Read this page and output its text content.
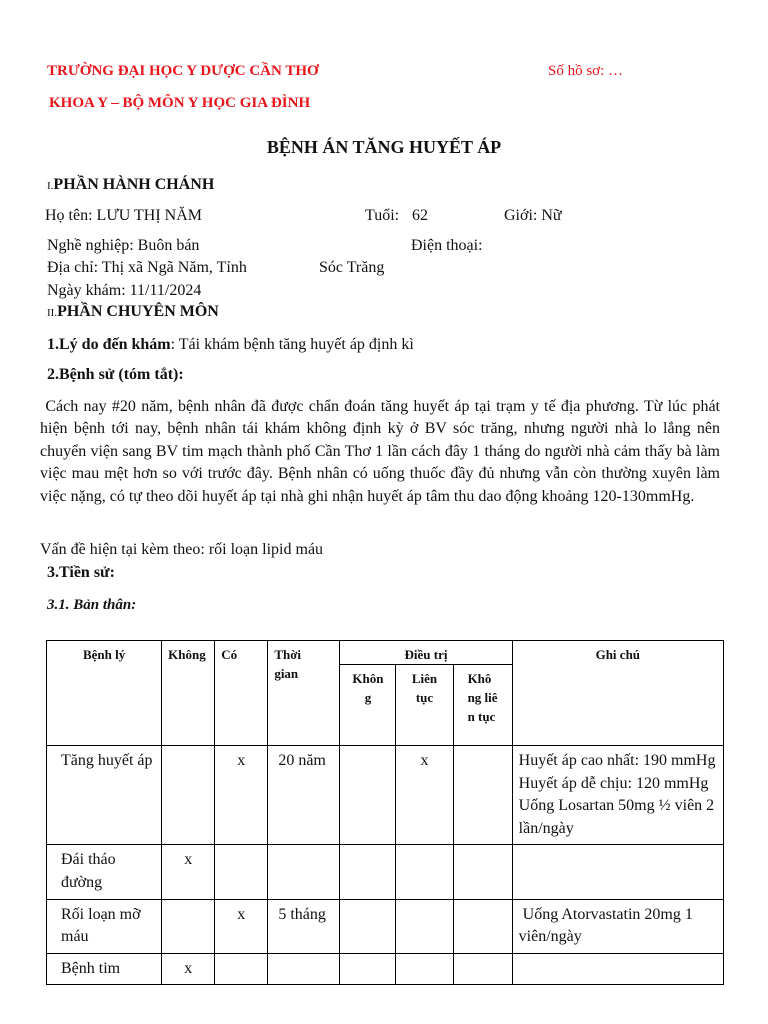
TRƯỜNG ĐẠI HỌC Y DƯỢC CẦN THƠ	Số hồ sơ: …
KHOA Y – BỘ MÔN Y HỌC GIA ĐÌNH
BỆNH ÁN TĂNG HUYẾT ÁP
I.PHẦN HÀNH CHÁNH
Họ tên: LƯU THỊ NĂM	Tuổi: 62	Giới: Nữ
Nghề nghiệp: Buôn bán	Điện thoại:
Địa chỉ: Thị xã Ngã Năm, Tỉnh	Sóc Trăng
Ngày khám: 11/11/2024
II.PHẦN CHUYÊN MÔN
1.Lý do đến khám: Tái khám bệnh tăng huyết áp định kì
2.Bệnh sử (tóm tắt):
Cách nay #20 năm, bệnh nhân đã được chẩn đoán tăng huyết áp tại trạm y tế địa phương. Từ lúc phát hiện bệnh tới nay, bệnh nhân tái khám không định kỳ ở BV sóc trăng, nhưng người nhà lo lắng nên chuyển viện sang BV tim mạch thành phố Cần Thơ 1 lần cách đây 1 tháng do người nhà cảm thấy bà làm việc mau mệt hơn so với trước đây. Bệnh nhân có uống thuốc đầy đủ nhưng vẫn còn thường xuyên làm việc nặng, có tự theo dõi huyết áp tại nhà ghi nhận huyết áp tâm thu dao động khoảng 120-130mmHg.
Vấn đề hiện tại kèm theo: rối loạn lipid máu
3.Tiền sử:
3.1. Bản thân:
Bệnh lý	Không	Có	Thời gian	Điều trị			Ghi chú
				Không	Liên tục	Không liên tục	
Tăng huyết áp		x	20 năm		x		Huyết áp cao nhất: 190 mmHg
Huyết áp dễ chịu: 120 mmHg
Uống Losartan 50mg ½ viên 2 lần/ngày

Đái tháo đường	x						
Rối loạn mỡ máu		x	5 tháng				Uống Atorvastatin 20mg 1 viên/ngày
Bệnh tim	x						
